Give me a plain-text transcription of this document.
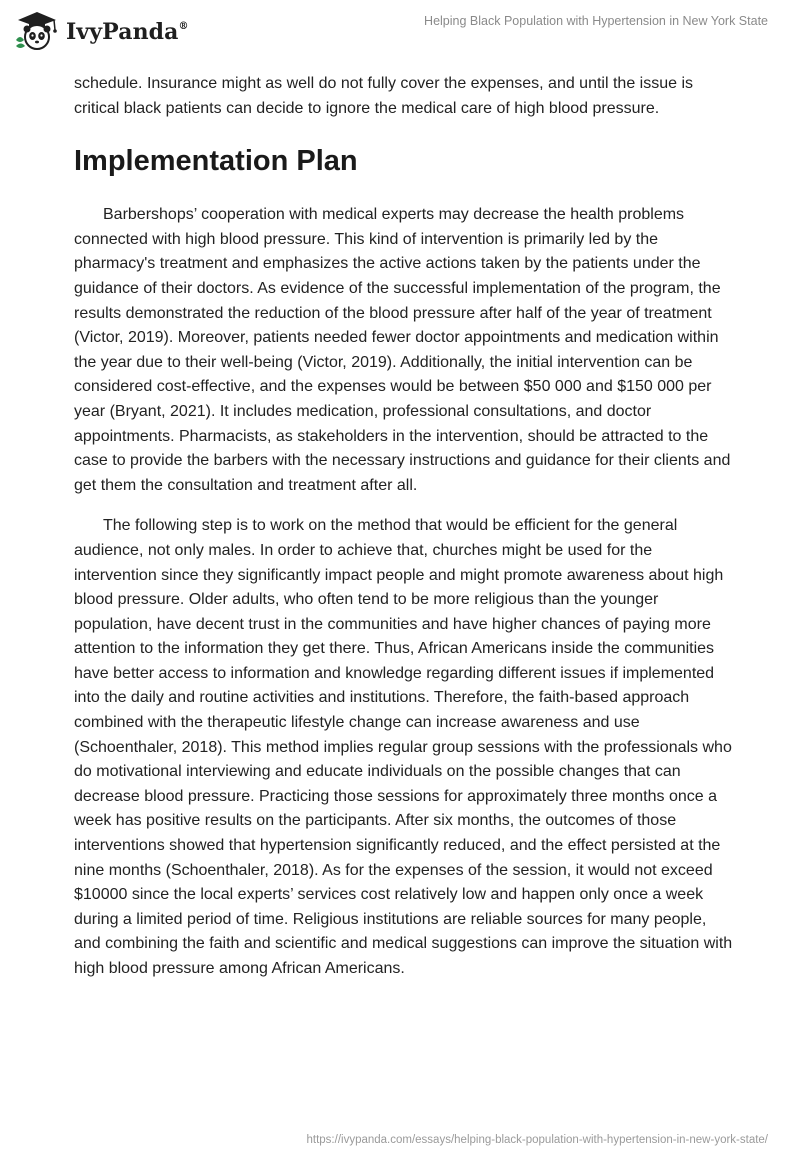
IvyPanda®	Helping Black Population with Hypertension in New York State

schedule. Insurance might as well do not fully cover the expenses, and until the issue is critical black patients can decide to ignore the medical care of high blood pressure.

Implementation Plan

Barbershops’ cooperation with medical experts may decrease the health problems connected with high blood pressure. This kind of intervention is primarily led by the pharmacy's treatment and emphasizes the active actions taken by the patients under the guidance of their doctors. As evidence of the successful implementation of the program, the results demonstrated the reduction of the blood pressure after half of the year of treatment (Victor, 2019). Moreover, patients needed fewer doctor appointments and medication within the year due to their well-being (Victor, 2019). Additionally, the initial intervention can be considered cost-effective, and the expenses would be between $50 000 and $150 000 per year (Bryant, 2021). It includes medication, professional consultations, and doctor appointments. Pharmacists, as stakeholders in the intervention, should be attracted to the case to provide the barbers with the necessary instructions and guidance for their clients and get them the consultation and treatment after all.

The following step is to work on the method that would be efficient for the general audience, not only males. In order to achieve that, churches might be used for the intervention since they significantly impact people and might promote awareness about high blood pressure. Older adults, who often tend to be more religious than the younger population, have decent trust in the communities and have higher chances of paying more attention to the information they get there. Thus, African Americans inside the communities have better access to information and knowledge regarding different issues if implemented into the daily and routine activities and institutions. Therefore, the faith-based approach combined with the therapeutic lifestyle change can increase awareness and use (Schoenthaler, 2018). This method implies regular group sessions with the professionals who do motivational interviewing and educate individuals on the possible changes that can decrease blood pressure. Practicing those sessions for approximately three months once a week has positive results on the participants. After six months, the outcomes of those interventions showed that hypertension significantly reduced, and the effect persisted at the nine months (Schoenthaler, 2018). As for the expenses of the session, it would not exceed $10000 since the local experts’ services cost relatively low and happen only once a week during a limited period of time. Religious institutions are reliable sources for many people, and combining the faith and scientific and medical suggestions can improve the situation with high blood pressure among African Americans.

https://ivypanda.com/essays/helping-black-population-with-hypertension-in-new-york-state/
